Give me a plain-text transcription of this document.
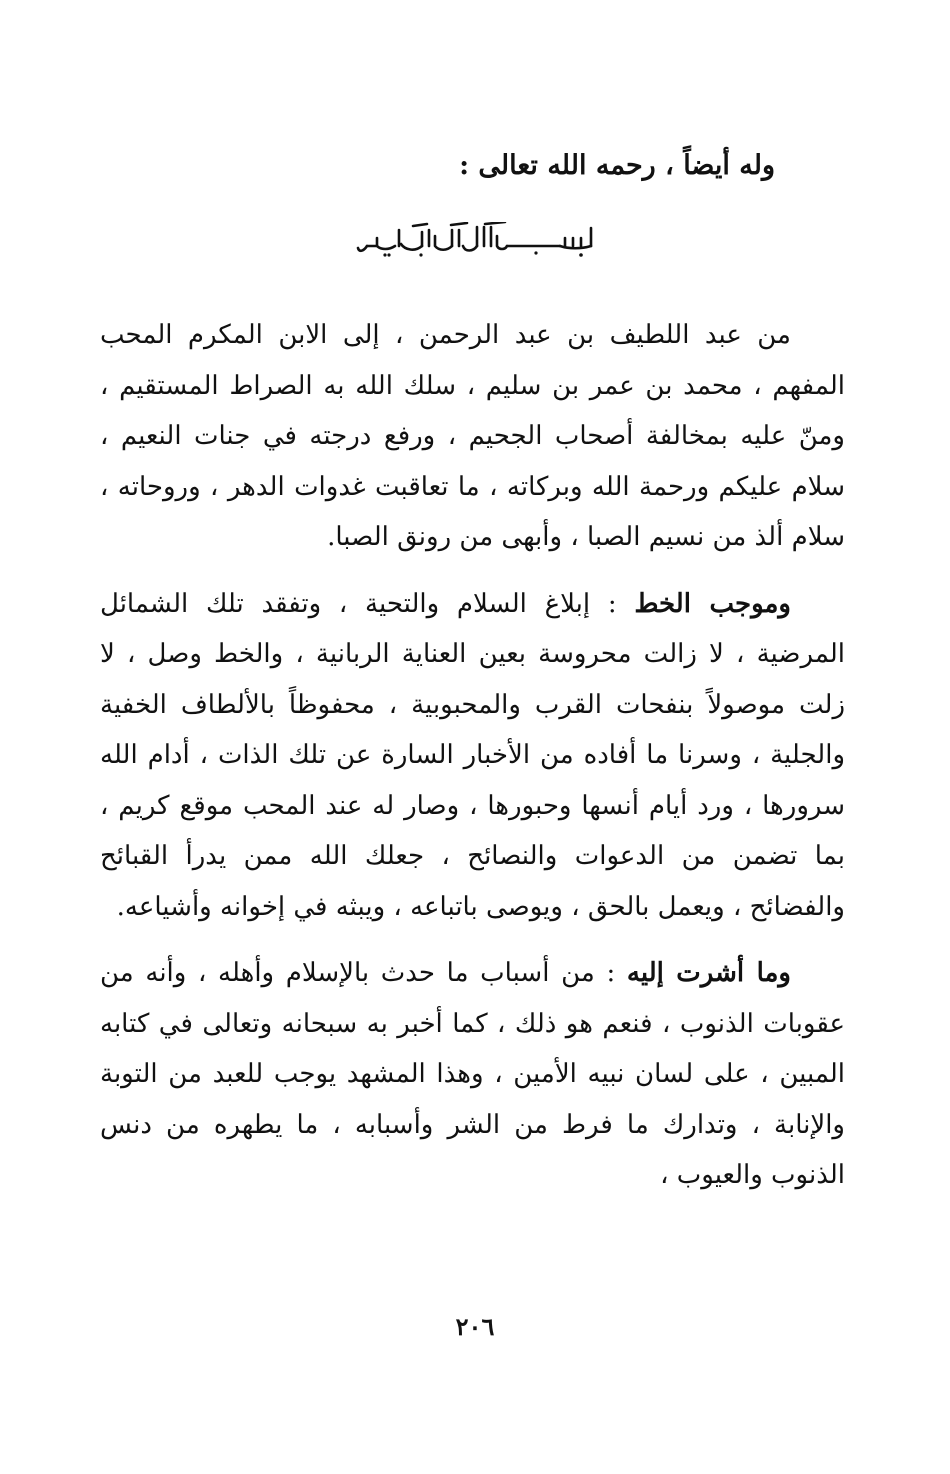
وله أيضاً ، رحمه الله تعالى :

من عبد اللطيف بن عبد الرحمن ، إلى الابن المكرم المحب المفهم ، محمد بن عمر بن سليم ، سلك الله به الصراط المستقيم ، ومنّ عليه بمخالفة أصحاب الجحيم ، ورفع درجته في جنات النعيم ، سلام عليكم ورحمة الله وبركاته ، ما تعاقبت غدوات الدهر ، وروحاته ، سلام ألذ من نسيم الصبا ، وأبهى من رونق الصبا.

وموجب الخط : إبلاغ السلام والتحية ، وتفقد تلك الشمائل المرضية ، لا زالت محروسة بعين العناية الربانية ، والخط وصل ، لا زلت موصولاً بنفحات القرب والمحبوبية ، محفوظاً بالألطاف الخفية والجلية ، وسرنا ما أفاده من الأخبار السارة عن تلك الذات ، أدام الله سرورها ، ورد أيام أنسها وحبورها ، وصار له عند المحب موقع كريم ، بما تضمن من الدعوات والنصائح ، جعلك الله ممن يدرأ القبائح والفضائح ، ويعمل بالحق ، ويوصى باتباعه ، ويبثه في إخوانه وأشياعه.

وما أشرت إليه : من أسباب ما حدث بالإسلام وأهله ، وأنه من عقوبات الذنوب ، فنعم هو ذلك ، كما أخبر به سبحانه وتعالى في كتابه المبين ، على لسان نبيه الأمين ، وهذا المشهد يوجب للعبد من التوبة والإنابة ، وتدارك ما فرط من الشر وأسبابه ، ما يطهره من دنس الذنوب والعيوب ،

٢٠٦
